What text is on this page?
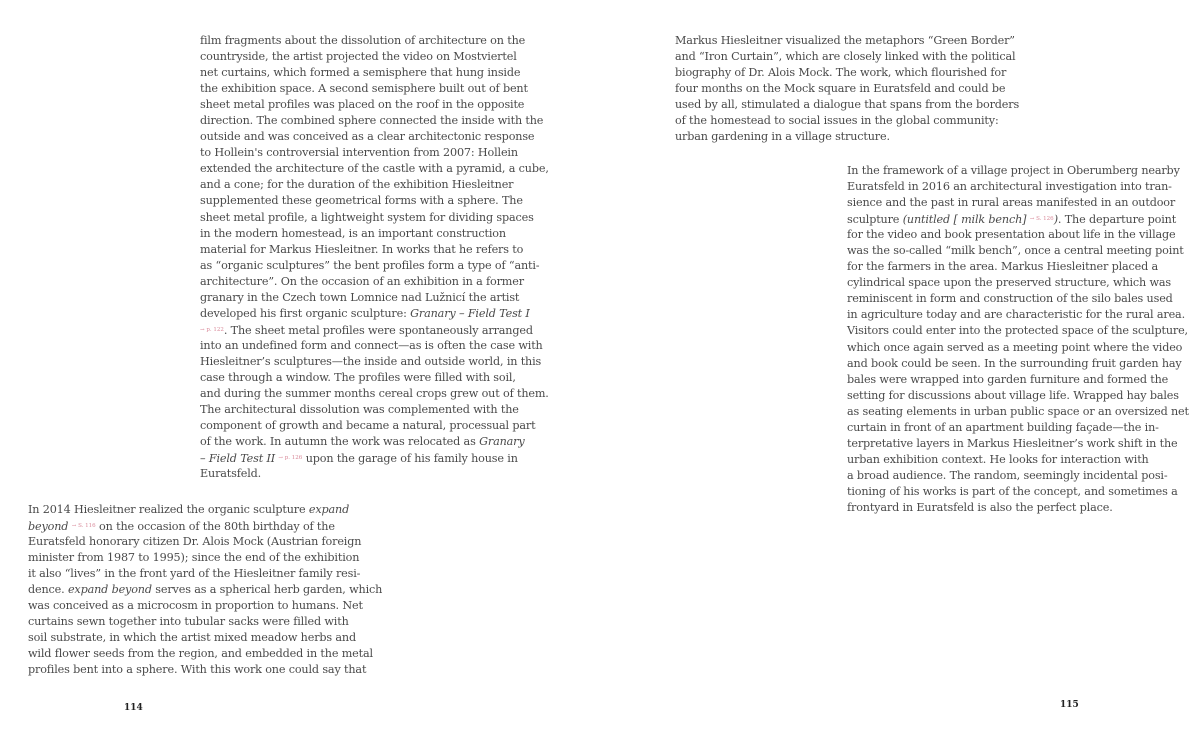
film fragments about the dissolution of architecture on the
countryside, the artist projected the video on Mostviertel
net curtains, which formed a semisphere that hung inside
the exhibition space. A second semisphere built out of bent
sheet metal profiles was placed on the roof in the opposite
direction. The combined sphere connected the inside with the
outside and was conceived as a clear architectonic response
to Hollein's controversial intervention from 2007: Hollein
extended the architecture of the castle with a pyramid, a cube,
and a cone; for the duration of the exhibition Hiesleitner
supplemented these geometrical forms with a sphere. The
sheet metal profile, a lightweight system for dividing spaces
in the modern homestead, is an important construction
material for Markus Hiesleitner. In works that he refers to
as “organic sculptures” the bent profiles form a type of “anti-
architecture”. On the occasion of an exhibition in a former
granary in the Czech town Lomnice nad Lužnicí the artist
developed his first organic sculpture: Granary – Field Test I
$^{\to p. 122}$. The sheet metal profiles were spontaneously arranged
into an undefined form and connect—as is often the case with
Hiesleitner’s sculptures—the inside and outside world, in this
case through a window. The profiles were filled with soil,
and during the summer months cereal crops grew out of them.
The architectural dissolution was complemented with the
component of growth and became a natural, processual part
of the work. In autumn the work was relocated as Granary
– Field Test II $^{\to p. 126}$ upon the garage of his family house in
Euratsfeld.
In 2014 Hiesleitner realized the organic sculpture expand
beyond $^{\to S. 116}$ on the occasion of the 80th birthday of the
Euratsfeld honorary citizen Dr. Alois Mock (Austrian foreign
minister from 1987 to 1995); since the end of the exhibition
it also “lives” in the front yard of the Hiesleitner family resi-
dence. expand beyond serves as a spherical herb garden, which
was conceived as a microcosm in proportion to humans. Net
curtains sewn together into tubular sacks were filled with
soil substrate, in which the artist mixed meadow herbs and
wild flower seeds from the region, and embedded in the metal
profiles bent into a sphere. With this work one could say that
114
Markus Hiesleitner visualized the metaphors “Green Border”
and “Iron Curtain”, which are closely linked with the political
biography of Dr. Alois Mock. The work, which flourished for
four months on the Mock square in Euratsfeld and could be
used by all, stimulated a dialogue that spans from the borders
of the homestead to social issues in the global community:
urban gardening in a village structure.
In the framework of a village project in Oberumberg nearby
Euratsfeld in 2016 an architectural investigation into tran-
sience and the past in rural areas manifested in an outdoor
sculpture (untitled [ milk bench] $^{\to S. 126}$). The departure point
for the video and book presentation about life in the village
was the so-called “milk bench”, once a central meeting point
for the farmers in the area. Markus Hiesleitner placed a
cylindrical space upon the preserved structure, which was
reminiscent in form and construction of the silo bales used
in agriculture today and are characteristic for the rural area.
Visitors could enter into the protected space of the sculpture,
which once again served as a meeting point where the video
and book could be seen. In the surrounding fruit garden hay
bales were wrapped into garden furniture and formed the
setting for discussions about village life. Wrapped hay bales
as seating elements in urban public space or an oversized net
curtain in front of an apartment building façade—the in-
terpretative layers in Markus Hiesleitner’s work shift in the
urban exhibition context. He looks for interaction with
a broad audience. The random, seemingly incidental posi-
tioning of his works is part of the concept, and sometimes a
frontyard in Euratsfeld is also the perfect place.
115
